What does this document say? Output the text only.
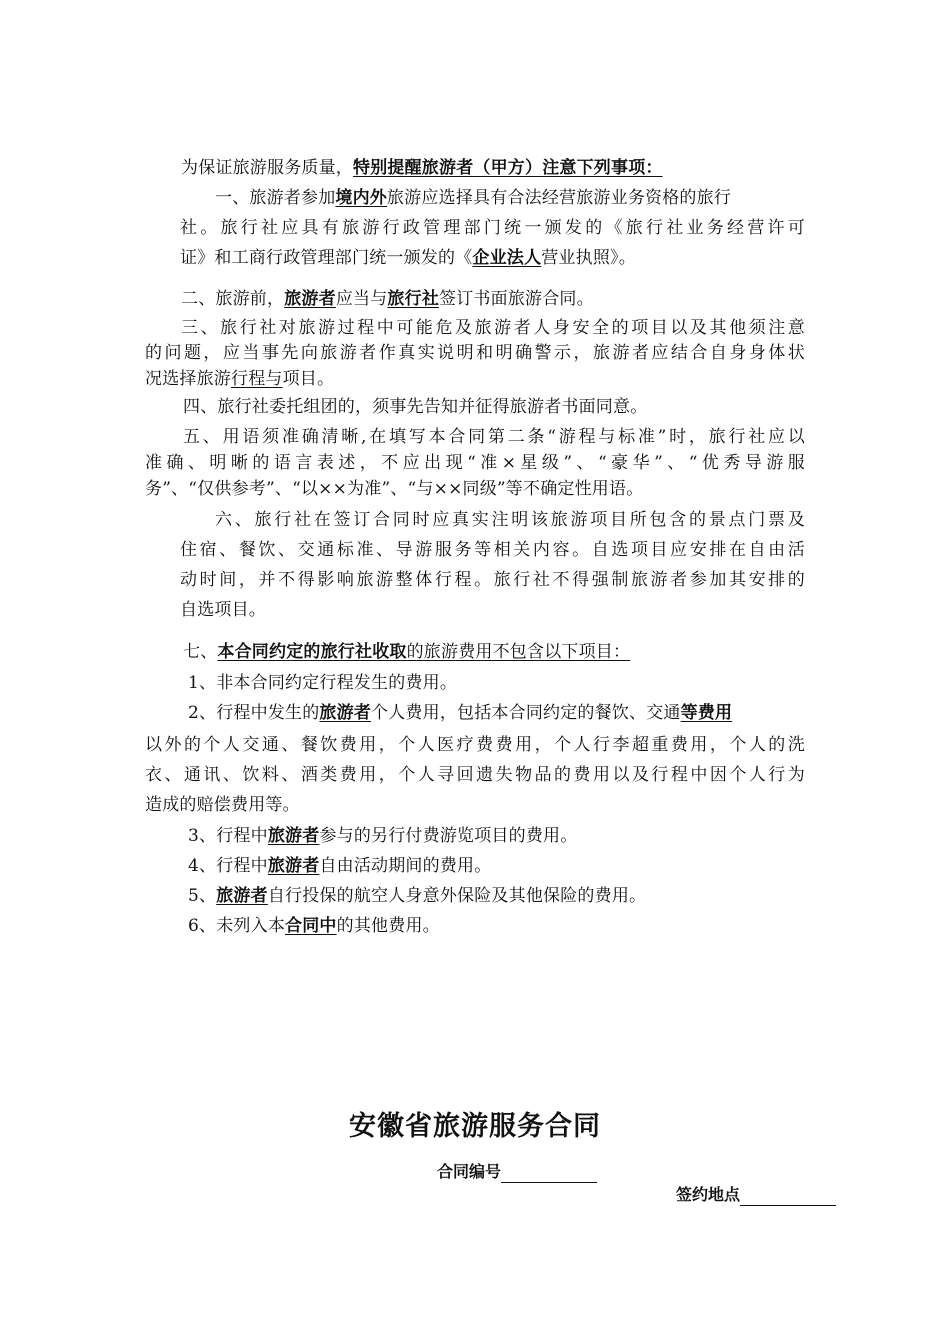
为保证旅游服务质量，特别提醒旅游者（甲方）注意下列事项：
一、旅游者参加境内外旅游应选择具有合法经营旅游业务资格的旅行
社。旅行社应具有旅游行政管理部门统一颁发的《旅行社业务经营许可
证》和工商行政管理部门统一颁发的《企业法人营业执照》。
二、旅游前，旅游者应当与旅行社签订书面旅游合同。
三、旅行社对旅游过程中可能危及旅游者人身安全的项目以及其他须注意
的问题，应当事先向旅游者作真实说明和明确警示，旅游者应结合自身身体状
况选择旅游行程与项目。
四、旅行社委托组团的，须事先告知并征得旅游者书面同意。
五、用语须准确清晰,在填写本合同第二条“游程与标准”时，旅行社应以
准确、明晰的语言表述，不应出现“准×星级”、“豪华”、“优秀导游服
务”、“仅供参考”、“以××为准”、“与××同级”等不确定性用语。
六、旅行社在签订合同时应真实注明该旅游项目所包含的景点门票及
住宿、餐饮、交通标准、导游服务等相关内容。自选项目应安排在自由活
动时间，并不得影响旅游整体行程。旅行社不得强制旅游者参加其安排的
自选项目。
七、本合同约定的旅行社收取的旅游费用不包含以下项目：
1、非本合同约定行程发生的费用。
2、行程中发生的旅游者个人费用，包括本合同约定的餐饮、交通等费用
以外的个人交通、餐饮费用，个人医疗费费用，个人行李超重费用，个人的洗
衣、通讯、饮料、酒类费用，个人寻回遗失物品的费用以及行程中因个人行为
造成的赔偿费用等。
3、行程中旅游者参与的另行付费游览项目的费用。
4、行程中旅游者自由活动期间的费用。
5、旅游者自行投保的航空人身意外保险及其他保险的费用。
6、未列入本合同中的其他费用。
安徽省旅游服务合同
合同编号
签约地点
